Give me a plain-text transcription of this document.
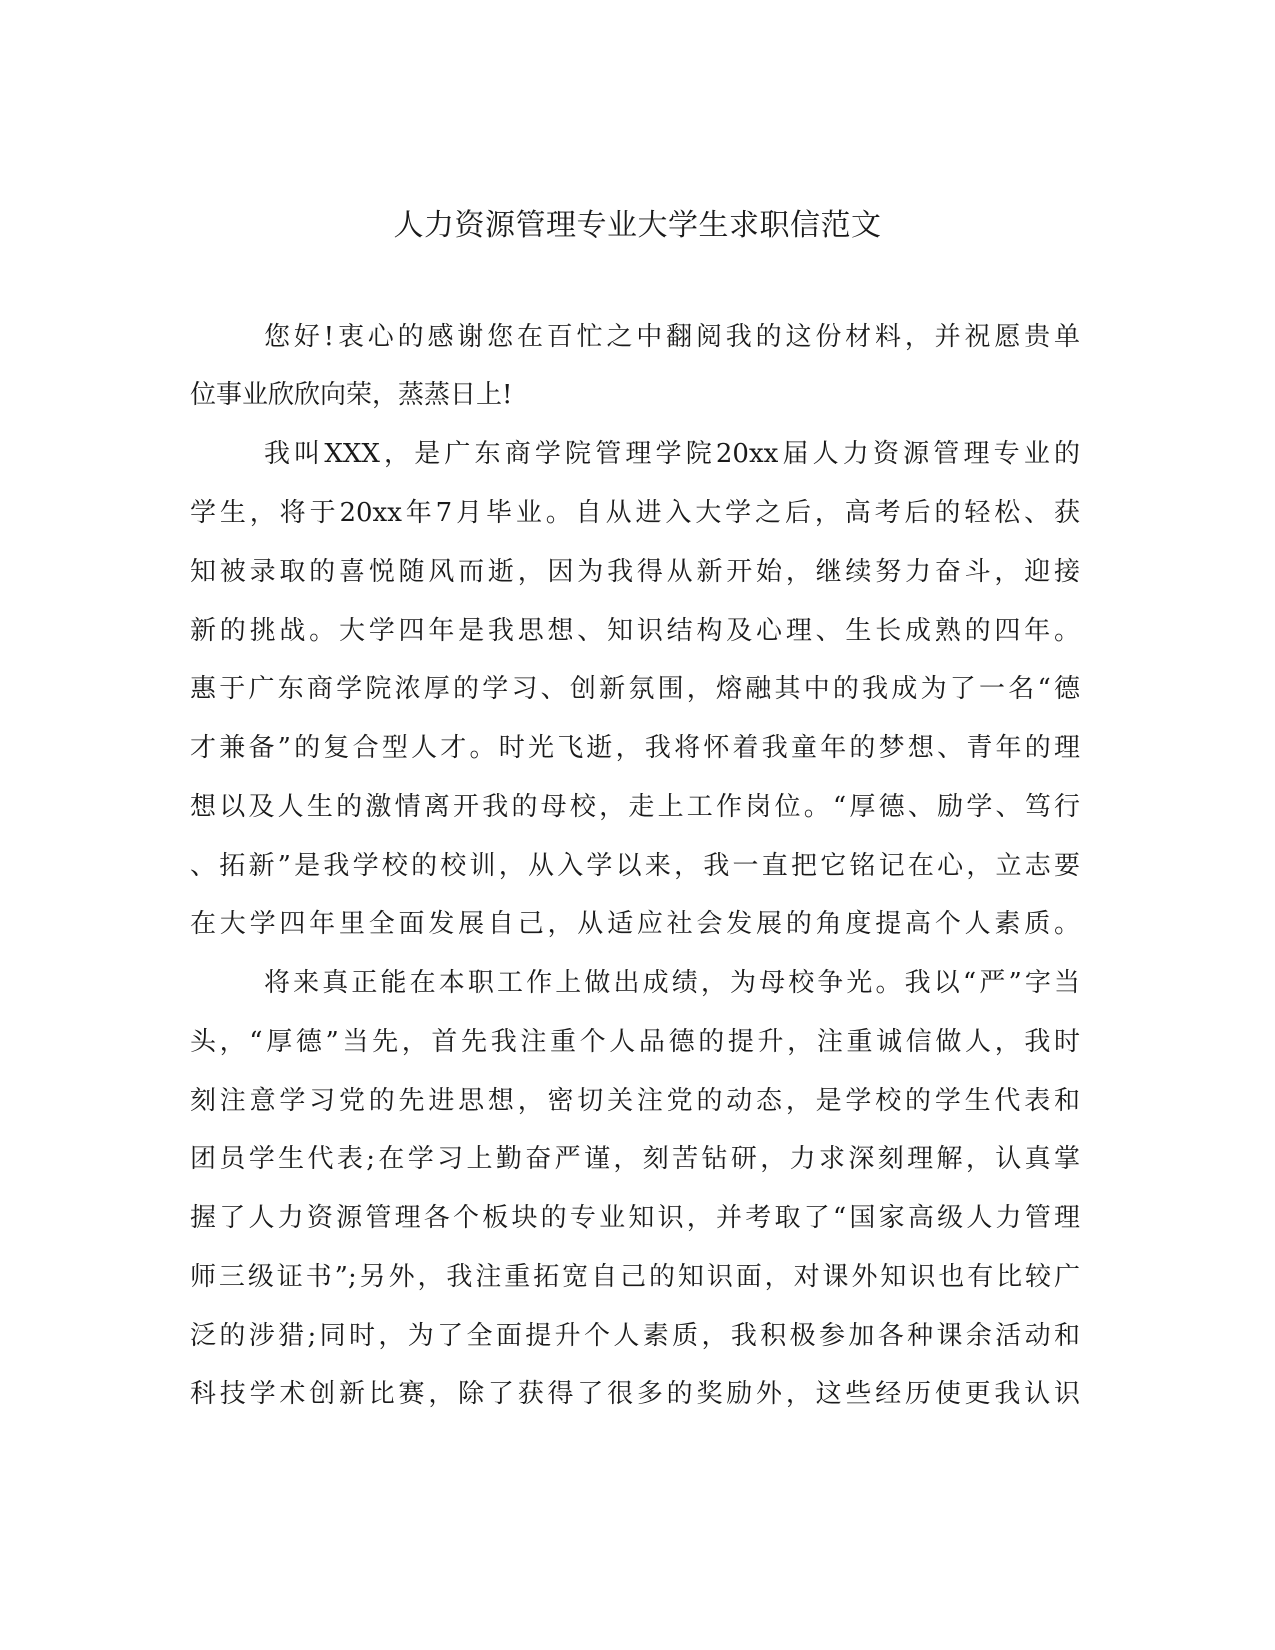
人力资源管理专业大学生求职信范文
您好!衷心的感谢您在百忙之中翻阅我的这份材料，并祝愿贵单
位事业欣欣向荣，蒸蒸日上!
我叫XXX，是广东商学院管理学院20xx届人力资源管理专业的
学生，将于20xx年7月毕业。自从进入大学之后，高考后的轻松、获
知被录取的喜悦随风而逝，因为我得从新开始，继续努力奋斗，迎接
新的挑战。大学四年是我思想、知识结构及心理、生长成熟的四年。
惠于广东商学院浓厚的学习、创新氛围，熔融其中的我成为了一名“德
才兼备”的复合型人才。时光飞逝，我将怀着我童年的梦想、青年的理
想以及人生的激情离开我的母校，走上工作岗位。“厚德、励学、笃行
、拓新”是我学校的校训，从入学以来，我一直把它铭记在心，立志要
在大学四年里全面发展自己，从适应社会发展的角度提高个人素质。
将来真正能在本职工作上做出成绩，为母校争光。我以“严”字当
头，“厚德”当先，首先我注重个人品德的提升，注重诚信做人，我时
刻注意学习党的先进思想，密切关注党的动态，是学校的学生代表和
团员学生代表;在学习上勤奋严谨，刻苦钻研，力求深刻理解，认真掌
握了人力资源管理各个板块的专业知识，并考取了“国家高级人力管理
师三级证书”;另外，我注重拓宽自己的知识面，对课外知识也有比较广
泛的涉猎;同时，为了全面提升个人素质，我积极参加各种课余活动和
科技学术创新比赛，除了获得了很多的奖励外，这些经历使更我认识
